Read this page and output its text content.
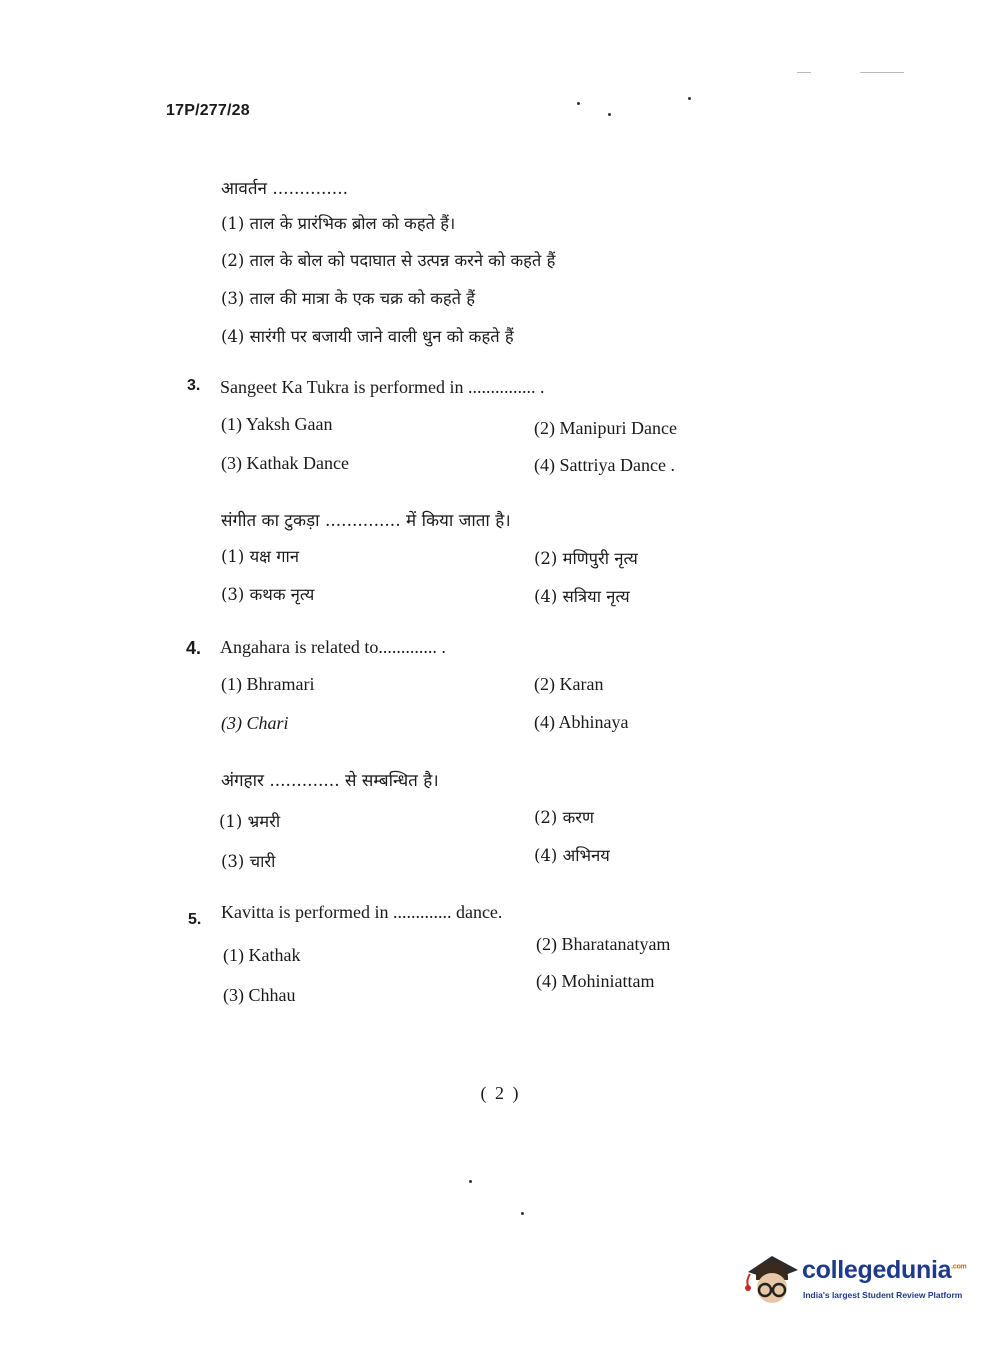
17P/277/28
आवर्तन ..............
(1) ताल के प्रारंभिक ब्रोल को कहते हैं।
(2) ताल के बोल को पदाघात से उत्पन्न करने को कहते हैं
(3) ताल की मात्रा के एक चक्र को कहते हैं
(4) सारंगी पर बजायी जाने वाली धुन को कहते हैं
3. Sangeet Ka Tukra is performed in ............... .
(1) Yaksh Gaan	(2) Manipuri Dance
(3) Kathak Dance	(4) Sattriya Dance .
संगीत का टुकड़ा .............. में किया जाता है।
(1) यक्ष गान	(2) मणिपुरी नृत्य
(3) कथक नृत्य	(4) सत्रिया नृत्य
4. Angahara is related to............. .
(1) Bhramari	(2) Karan
(3) Chari	(4) Abhinaya
अंगहार ............. से सम्बन्धित है।
(1) भ्रमरी	(2) करण
(3) चारी	(4) अभिनय
5. Kavitta is performed in ............. dance.
(1) Kathak
(2) Bharatanatyam
(3) Chhau
(4) Mohiniattam
( 2 )
collegedunia$^{.com}$
India's largest Student Review Platform
